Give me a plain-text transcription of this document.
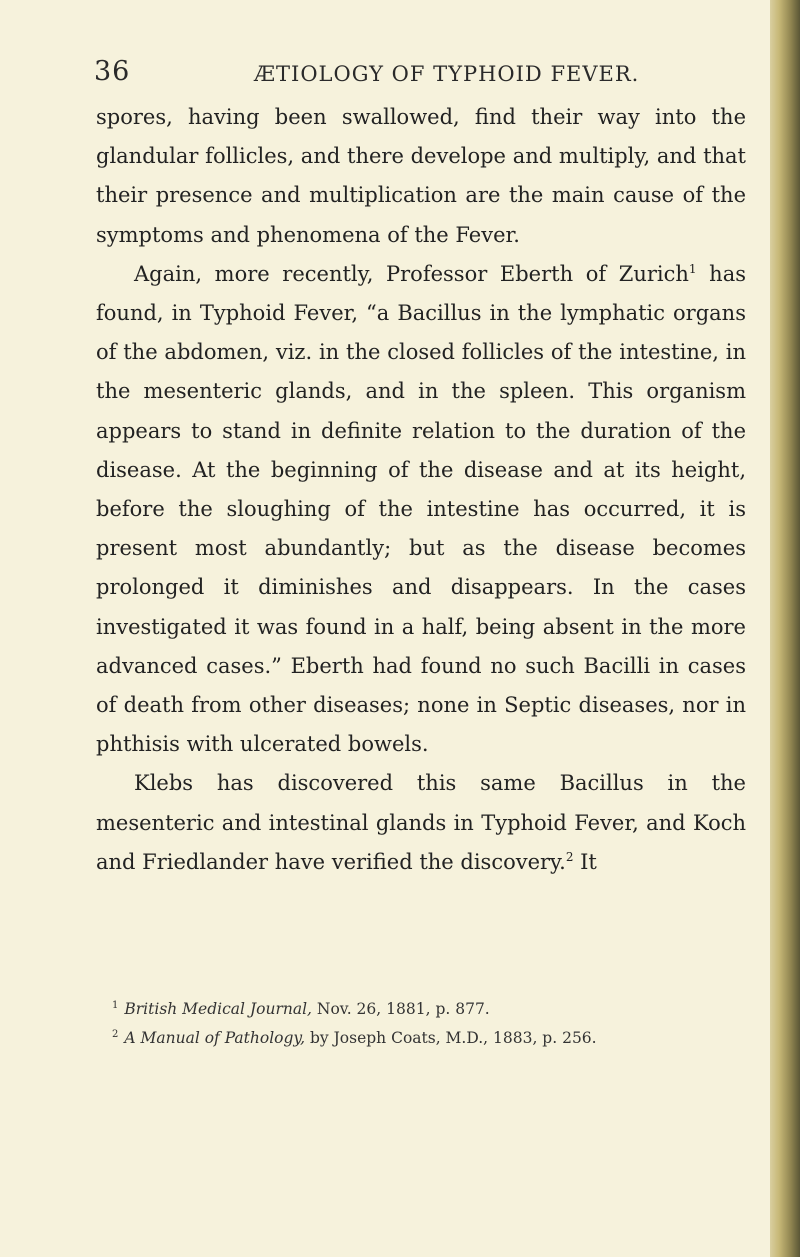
36	ÆTIOLOGY OF TYPHOID FEVER.

spores, having been swallowed, find their way into the glandular follicles, and there develope and multiply, and that their presence and multiplication are the main cause of the symptoms and phenomena of the Fever.

Again, more recently, Professor Eberth of Zurich$^1$ has found, in Typhoid Fever, “a Bacillus in the lymphatic organs of the abdomen, viz. in the closed follicles of the intestine, in the mesenteric glands, and in the spleen. This organism appears to stand in definite relation to the duration of the disease. At the beginning of the disease and at its height, before the sloughing of the intestine has occurred, it is present most abundantly; but as the disease becomes prolonged it diminishes and disappears. In the cases investigated it was found in a half, being absent in the more advanced cases.” Eberth had found no such Bacilli in cases of death from other diseases; none in Septic diseases, nor in phthisis with ulcerated bowels.

Klebs has discovered this same Bacillus in the mesenteric and intestinal glands in Typhoid Fever, and Koch and Friedlander have verified the discovery.$^2$ It

$^1$ British Medical Journal, Nov. 26, 1881, p. 877.
$^2$ A Manual of Pathology, by Joseph Coats, M.D., 1883, p. 256.
